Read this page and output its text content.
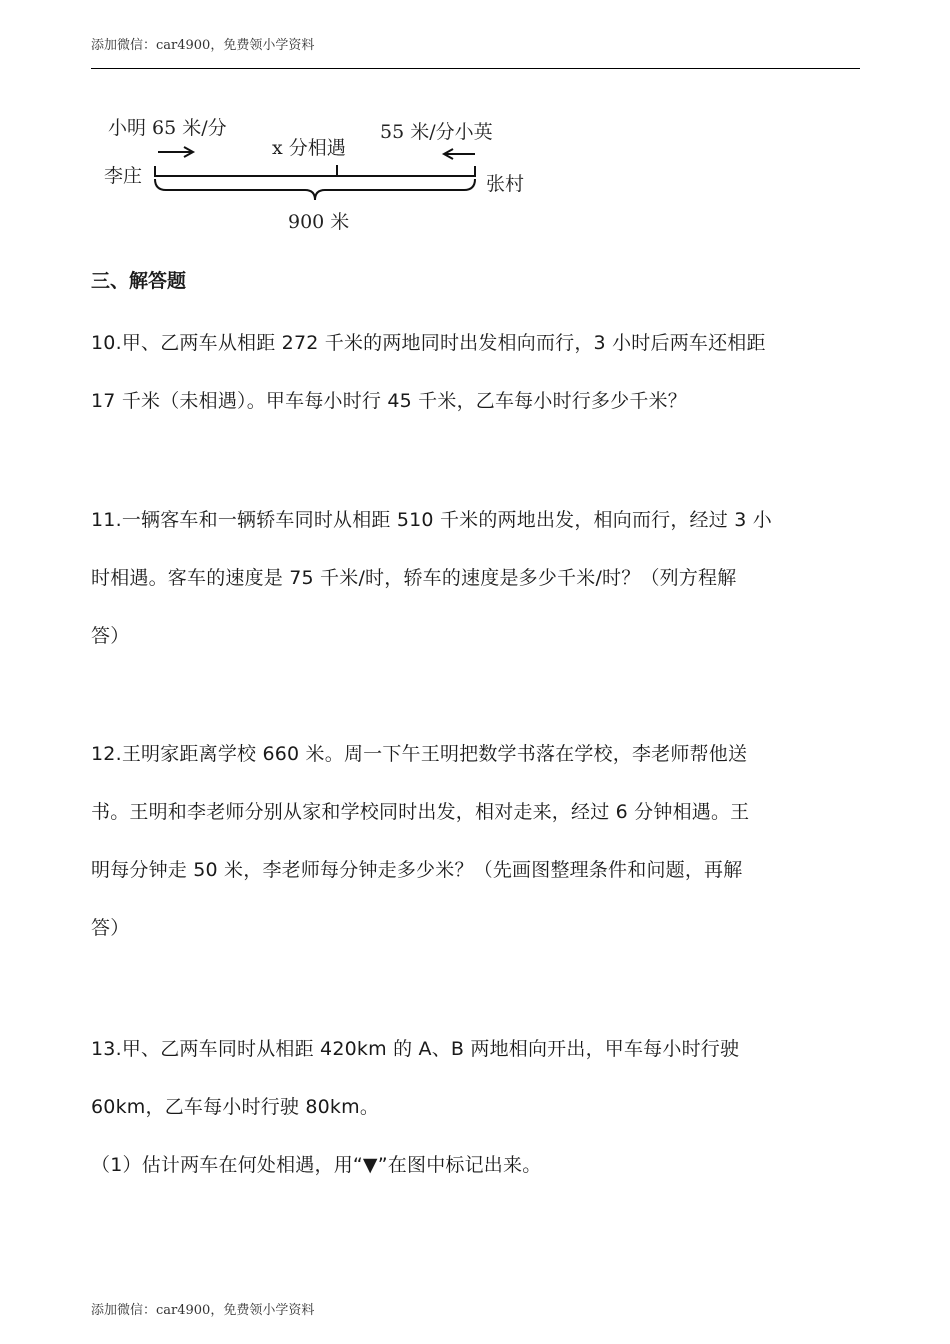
添加微信：car4900，免费领小学资料
小明 65 米/分
x 分相遇
55 米/分小英
李庄	张村
900 米
三、解答题
10.甲、乙两车从相距 272 千米的两地同时出发相向而行，3 小时后两车还相距
17 千米（未相遇）。甲车每小时行 45 千米，乙车每小时行多少千米？
11.一辆客车和一辆轿车同时从相距 510 千米的两地出发，相向而行，经过 3 小
时相遇。客车的速度是 75 千米/时，轿车的速度是多少千米/时？（列方程解
答）
12.王明家距离学校 660 米。周一下午王明把数学书落在学校，李老师帮他送
书。王明和李老师分别从家和学校同时出发，相对走来，经过 6 分钟相遇。王
明每分钟走 50 米，李老师每分钟走多少米？（先画图整理条件和问题，再解
答）
13.甲、乙两车同时从相距 420km 的 A、B 两地相向开出，甲车每小时行驶
60km，乙车每小时行驶 80km。
（1）估计两车在何处相遇，用“▼”在图中标记出来。
添加微信：car4900，免费领小学资料
